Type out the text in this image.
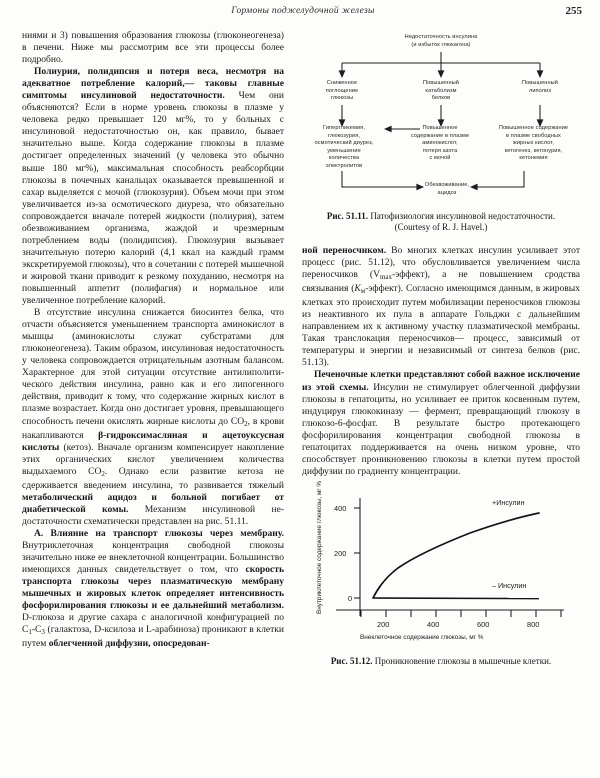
Гормоны поджелудочной железы	255

ниями и 3) повышения образования глюкозы (глюконеогенеза) в печени. Ниже мы рассмотрим все эти процессы более подробно.

Полиурия, полидипсия и потеря веса, несмотря на адекватное потребление калорий,— таковы главные симптомы инсулиновой недостаточности. Чем они объясняются? Если в норме уровень глюкозы в плазме у человека редко превышает 120 мг%, то у больных с инсулиновой недостаточностью он, как правило, бывает значительно выше. Когда содержание глюкозы в плазме достигает определенных значений (у человека это обычно выше 180 мг%), максимальная способность реабсорбции глюкозы в почечных канальцах оказывается превышенной и сахар выделяется с мочой (глюкозурия). Объем мочи при этом увеличивается из-за осмотического диуреза, что обязательно сопровождается вначале потерей жидкости (полиурия), затем обезвоживанием организма, жаждой и чрезмерным потреблением воды (полидипсия). Глюкозурия вызывает значительную потерю калорий (4,1 ккал на каждый грамм экскретируемой глюкозы), что в сочетании с потерей мышечной и жировой ткани приводит к резкому похуданию, несмотря на повышенный аппетит (полифагия) и нормальное или увеличенное потребление калорий.

В отсутствие инсулина снижается биосинтез белка, что отчасти объясняется уменьшением транспорта аминокислот в мышцы (аминокислоты служат субстратами для глюконеогенеза). Таким образом, инсулиновая недостаточность у человека сопровождается отрицательным азотным балансом. Характерное для этой ситуации отсутствие антилиполитического действия инсулина, равно как и его липогенного действия, приводит к тому, что содержание жирных кислот в плазме возрастает. Когда оно достигает уровня, превышающего способность печени окислять жирные кислоты до $CO_2$, в крови накапливаются β-гидроксимасляная и ацетоуксусная кислоты (кетоз). Вначале организм компенсирует накопление этих органических кислот увеличением количества выдыхаемого $CO_2$. Однако если развитие кетоза не сдерживается введением инсулина, то развивается тяжелый метаболический ацидоз и больной погибает от диабетической комы. Механизм инсулиновой недостаточности схематически представлен на рис. 51.11.

А. Влияние на транспорт глюкозы через мембрану. Внутриклеточная концентрация свободной глюкозы значительно ниже ее внеклеточной концентрации. Большинство имеющихся данных свидетельствует о том, что скорость транспорта глюкозы через плазматическую мембрану мышечных и жировых клеток определяет интенсивность фосфорилирования глюкозы и ее дальнейший метаболизм. D-глюкоза и другие сахара с аналогичной конфигурацией по $C_1-C_3$ (галактоза, D-ксилоза и L-арабиноза) проникают в клетки путем облегченной диффузии, опосредован-

Недостаточность инсулина
(и избыток глюкагона)
Сниженное
поглощение
глюкозы
Повышенный
катаболизм
белков
Повышенный
липолиз
Гипергликемия,
глюкозурия,
осмотический диурез,
уменьшение
количества
электролитов
Повышенное
содержание в плазме
аминокислот,
потеря азота
с мочой
Повышенное содержание
в плазме свободных
жирных кислот,
кетогенез, кетонурия,
кетонемия
Обезвоживание,
ацидоз
Рис. 51.11. Патофизиология инсулиновой недостаточности.
(Courtesy of R. J. Havel.)

ной переносчиком. Во многих клетках инсулин усиливает этот процесс (рис. 51.12), что обусловливается увеличением числа переносчиков $(V_{max}-эффект)$, а не повышением сродства связывания $(K_м-эффект)$. Согласно имеющимся данным, в жировых клетках это происходит путем мобилизации переносчиков глюкозы из неактивного их пула в аппарате Гольджи с дальнейшим направлением их к активному участку плазматической мембраны. Такая транслокация переносчиков— процесс, зависимый от температуры и энергии и независимый от синтеза белков (рис. 51.13).

Печеночные клетки представляют собой важное исключение из этой схемы. Инсулин не стимулирует облегченной диффузии глюкозы в гепатоциты, но усиливает ее приток косвенным путем, индуцируя глюкокиназу — фермент, превращающий глюкозу в глюкозо-6-фосфат. В результате быстро протекающего фосфорилирования концентрация свободной глюкозы в гепатоцитах поддерживается на очень низком уровне, что способствует проникновению глюкозы в клетки путем простой диффузии по градиенту концентрации.

Внутриклеточное содержание глюкозы, мг % 400
200
0
200	400	600	800
Внеклеточное содержание глюкозы, мг %
+Инсулин
– Инсулин
Рис. 51.12. Проникновение глюкозы в мышечные клетки.
